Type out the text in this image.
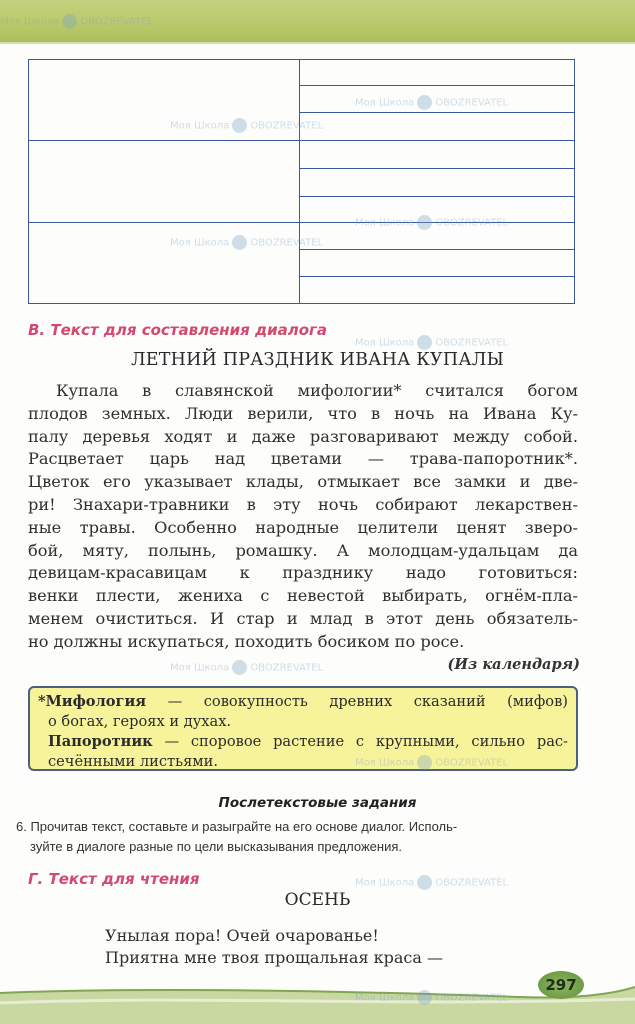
В. Текст для составления диалога
ЛЕТНИЙ ПРАЗДНИК ИВАНА КУПАЛЫ
Купала в славянской мифологии* считался богом
плодов земных. Люди верили, что в ночь на Ивана Ку-
палу деревья ходят и даже разговаривают между собой.
Расцветает царь над цветами — трава-папоротник*.
Цветок его указывает клады, отмыкает все замки и две-
ри! Знахари-травники в эту ночь собирают лекарствен-
ные травы. Особенно народные целители ценят зверо-
бой, мяту, полынь, ромашку. А молодцам-удальцам да
девицам-красавицам к празднику надо готовиться:
венки плести, жениха с невестой выбирать, огнём-пла-
менем очиститься. И стар и млад в этот день обязатель-
но должны искупаться, походить босиком по росе.
(Из календаря)
*Мифология — совокупность древних сказаний (мифов)
о богах, героях и духах.
Папоротник — споровое растение с крупными, сильно рас-
сечёнными листьями.
Послетекстовые задания
6. Прочитав текст, составьте и разыграйте на его основе диалог. Исполь-
зуйте в диалоге разные по цели высказывания предложения.
Г. Текст для чтения
ОСЕНЬ
Унылая пора! Очей очарованье!
Приятна мне твоя прощальная краса —
297
Моя Школа OBOZREVATEL
Моя Школа OBOZREVATEL
Моя Школа OBOZREVATEL
Моя Школа OBOZREVATEL
Моя Школа OBOZREVATEL
Моя Школа OBOZREVATEL
Моя Школа OBOZREVATEL
Моя Школа OBOZREVATEL
Моя Школа OBOZREVATEL
Моя Школа OBOZREVATEL
